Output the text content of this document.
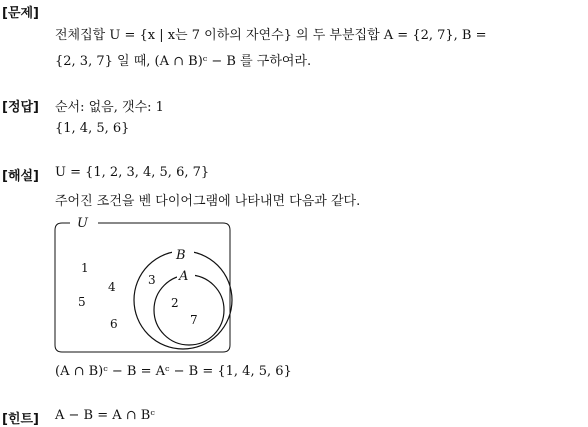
[문제]
전체집합 U = {x | x는 7 이하의 자연수} 의 두 부분집합 A = {2, 7}, B =
{2, 3, 7} 일 때, (A ∩ B)ᶜ − B 를 구하여라.
[정답] 순서: 없음, 갯수: 1
{1, 4, 5, 6}
[해설] U = {1, 2, 3, 4, 5, 6, 7}
주어진 조건을 벤 다이어그램에 나타내면 다음과 같다.
U
B
A
1
4
5
6
3
2
7
(A ∩ B)ᶜ − B = Aᶜ − B = {1, 4, 5, 6}
[힌트] A − B = A ∩ Bᶜ
